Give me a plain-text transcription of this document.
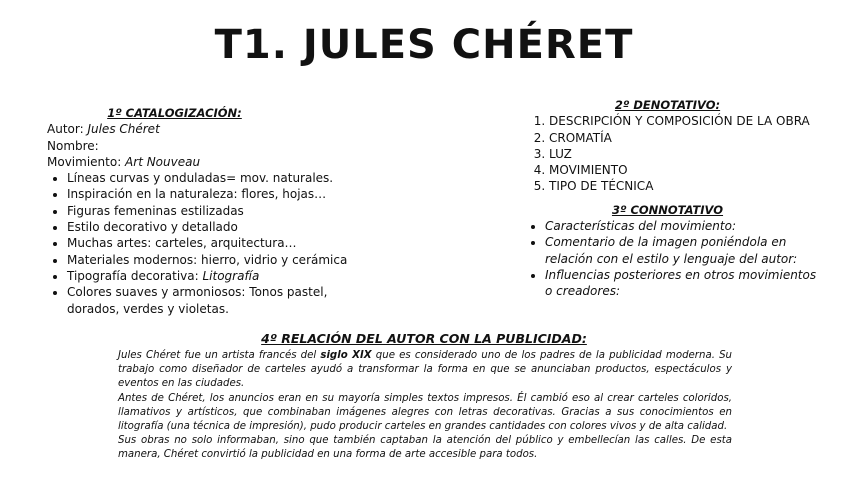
T1. JULES CHÉRET
1º CATALOGIZACIÓN:
Autor: Jules Chéret
Nombre:
Movimiento: Art Nouveau
• Líneas curvas y onduladas= mov. naturales.
• Inspiración en la naturaleza: flores, hojas…
• Figuras femeninas estilizadas
• Estilo decorativo y detallado
• Muchas artes: carteles, arquitectura…
• Materiales modernos: hierro, vidrio y cerámica
• Tipografía decorativa: Litografía
• Colores suaves y armoniosos: Tonos pastel, dorados, verdes y violetas.
2º DENOTATIVO:
1. DESCRIPCIÓN Y COMPOSICIÓN DE LA OBRA
2. CROMATÍA
3. LUZ
4. MOVIMIENTO
5. TIPO DE TÉCNICA
3º CONNOTATIVO
• Características del movimiento:
• Comentario de la imagen poniéndola en relación con el estilo y lenguaje del autor:
• Influencias posteriores en otros movimientos o creadores:
4º RELACIÓN DEL AUTOR CON LA PUBLICIDAD:

Jules Chéret fue un artista francés del siglo XIX que es considerado uno de los padres de la publicidad moderna. Su trabajo como diseñador de carteles ayudó a transformar la forma en que se anunciaban productos, espectáculos y eventos en las ciudades.

Antes de Chéret, los anuncios eran en su mayoría simples textos impresos. Él cambió eso al crear carteles coloridos, llamativos y artísticos, que combinaban imágenes alegres con letras decorativas. Gracias a sus conocimientos en litografía (una técnica de impresión), pudo producir carteles en grandes cantidades con colores vivos y de alta calidad.

Sus obras no solo informaban, sino que también captaban la atención del público y embellecían las calles. De esta manera, Chéret convirtió la publicidad en una forma de arte accesible para todos.
